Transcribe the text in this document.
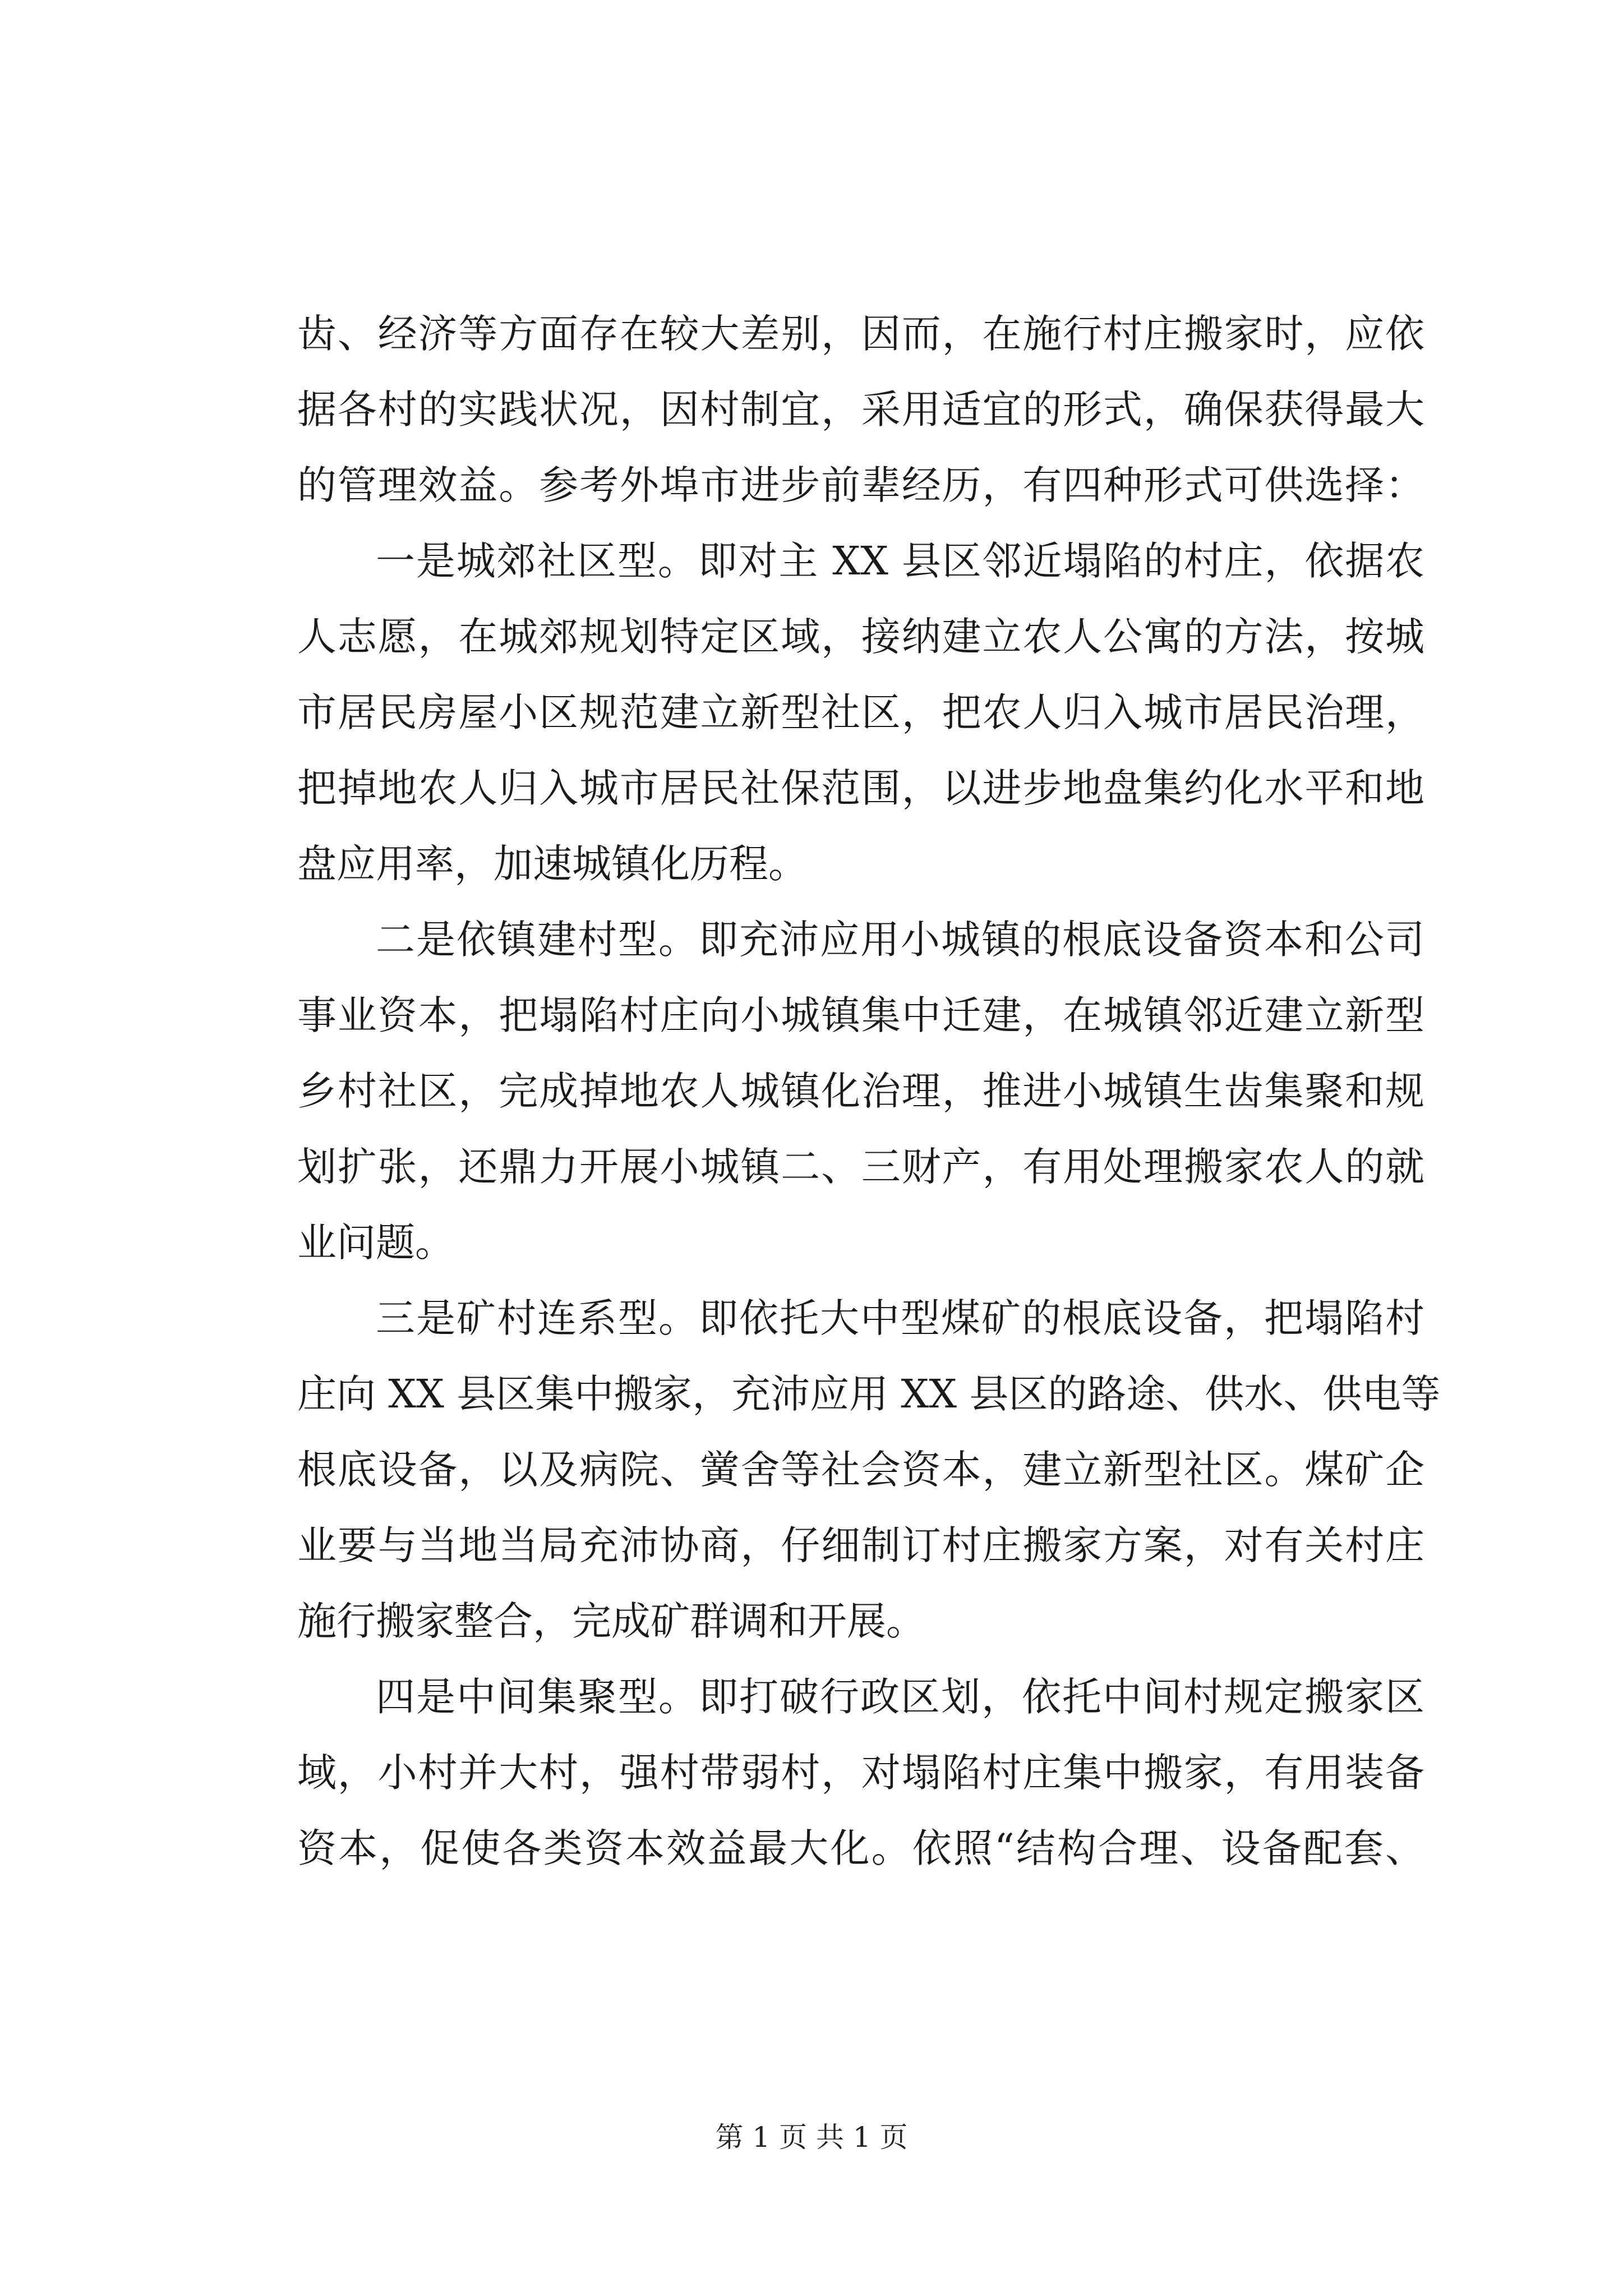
齿、经济等方面存在较大差别，因而，在施行村庄搬家时，应依
据各村的实践状况，因村制宜，采用适宜的形式，确保获得最大
的管理效益。参考外埠市进步前辈经历，有四种形式可供选择：
一是城郊社区型。即对主 XX 县区邻近塌陷的村庄，依据农
人志愿，在城郊规划特定区域，接纳建立农人公寓的方法，按城
市居民房屋小区规范建立新型社区，把农人归入城市居民治理，
把掉地农人归入城市居民社保范围，以进步地盘集约化水平和地
盘应用率，加速城镇化历程。
二是依镇建村型。即充沛应用小城镇的根底设备资本和公司
事业资本，把塌陷村庄向小城镇集中迁建，在城镇邻近建立新型
乡村社区，完成掉地农人城镇化治理，推进小城镇生齿集聚和规
划扩张，还鼎力开展小城镇二、三财产，有用处理搬家农人的就
业问题。
三是矿村连系型。即依托大中型煤矿的根底设备，把塌陷村
庄向 XX 县区集中搬家，充沛应用 XX 县区的路途、供水、供电等
根底设备，以及病院、黉舍等社会资本，建立新型社区。煤矿企
业要与当地当局充沛协商，仔细制订村庄搬家方案，对有关村庄
施行搬家整合，完成矿群调和开展。
四是中间集聚型。即打破行政区划，依托中间村规定搬家区
域，小村并大村，强村带弱村，对塌陷村庄集中搬家，有用装备
资本，促使各类资本效益最大化。依照“结构合理、设备配套、
第 1 页 共 1 页
